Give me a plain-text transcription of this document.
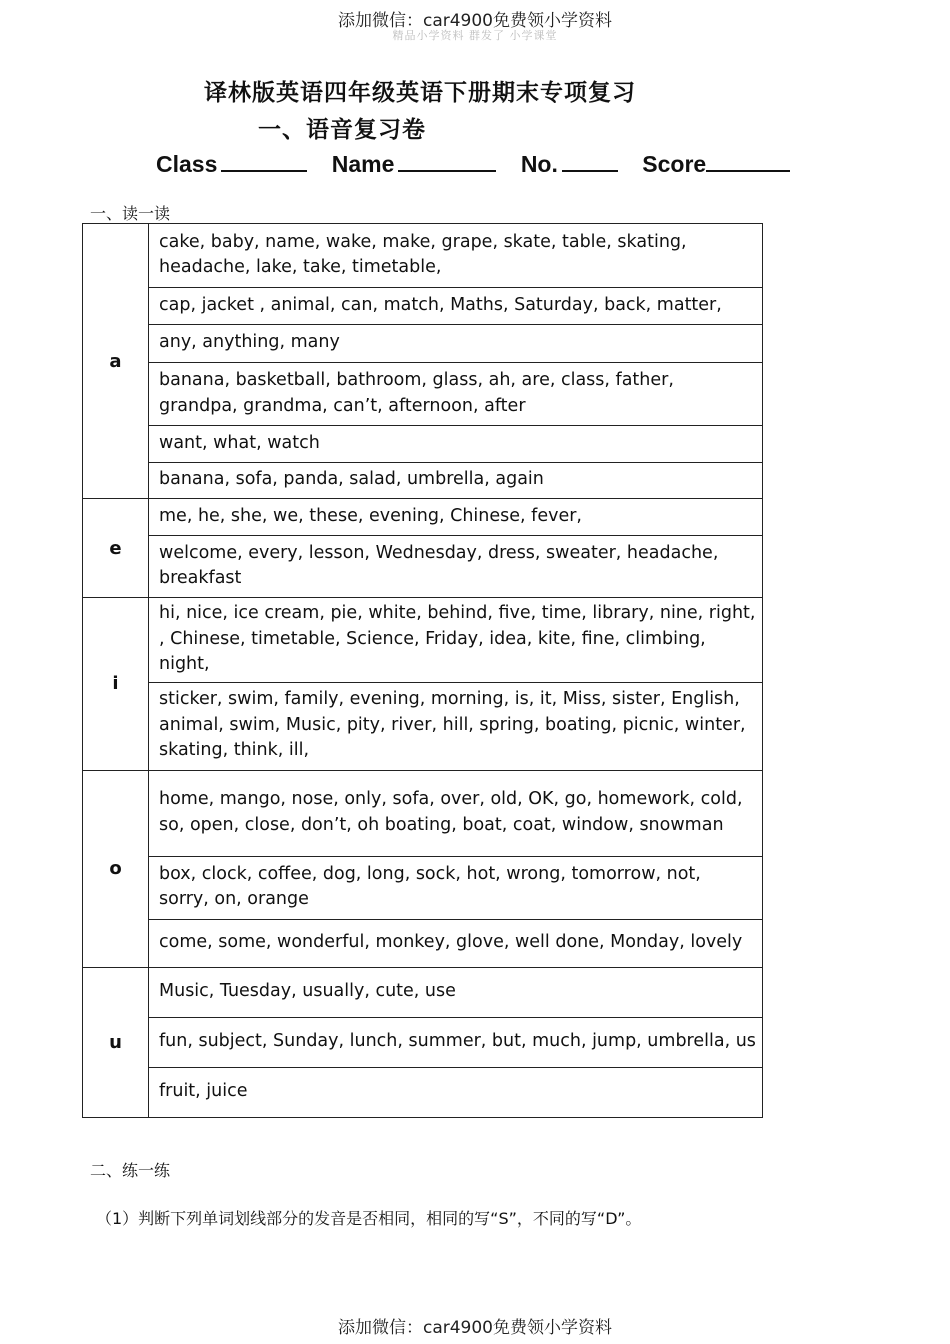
添加微信：car4900免费领小学资料
精品小学资料 群发了 小学课堂
译林版英语四年级英语下册期末专项复习
一、语音复习卷
Class	Name	No.	Score
一、读一读
a	cake, baby, name, wake, make, grape, skate, table, skating, headache, lake, take, timetable,
	cap, jacket , animal, can, match, Maths, Saturday, back, matter,
	any, anything, many
	banana, basketball, bathroom, glass, ah, are, class, father, grandpa, grandma, can’t, afternoon, after
	want, what, watch
	banana, sofa, panda, salad, umbrella, again
e	me, he, she, we, these, evening, Chinese, fever,
	welcome, every, lesson, Wednesday, dress, sweater, headache, breakfast
i	hi, nice, ice cream, pie, white, behind, five, time, library, nine, right, , Chinese, timetable, Science, Friday, idea, kite, fine, climbing, night,
	sticker, swim, family, evening, morning, is, it, Miss, sister, English, animal, swim, Music, pity, river, hill, spring, boating, picnic, winter, skating, think, ill,
o	home, mango, nose, only, sofa, over, old, OK, go, homework, cold, so, open, close, don’t, oh boating, boat, coat, window, snowman
	box, clock, coffee, dog, long, sock, hot, wrong, tomorrow, not, sorry, on, orange
	come, some, wonderful, monkey, glove, well done, Monday, lovely
u	Music, Tuesday, usually, cute, use
	fun, subject, Sunday, lunch, summer, but, much, jump, umbrella, us
	fruit, juice
二、练一练
（1）判断下列单词划线部分的发音是否相同，相同的写“S”，不同的写“D”。
添加微信：car4900免费领小学资料
